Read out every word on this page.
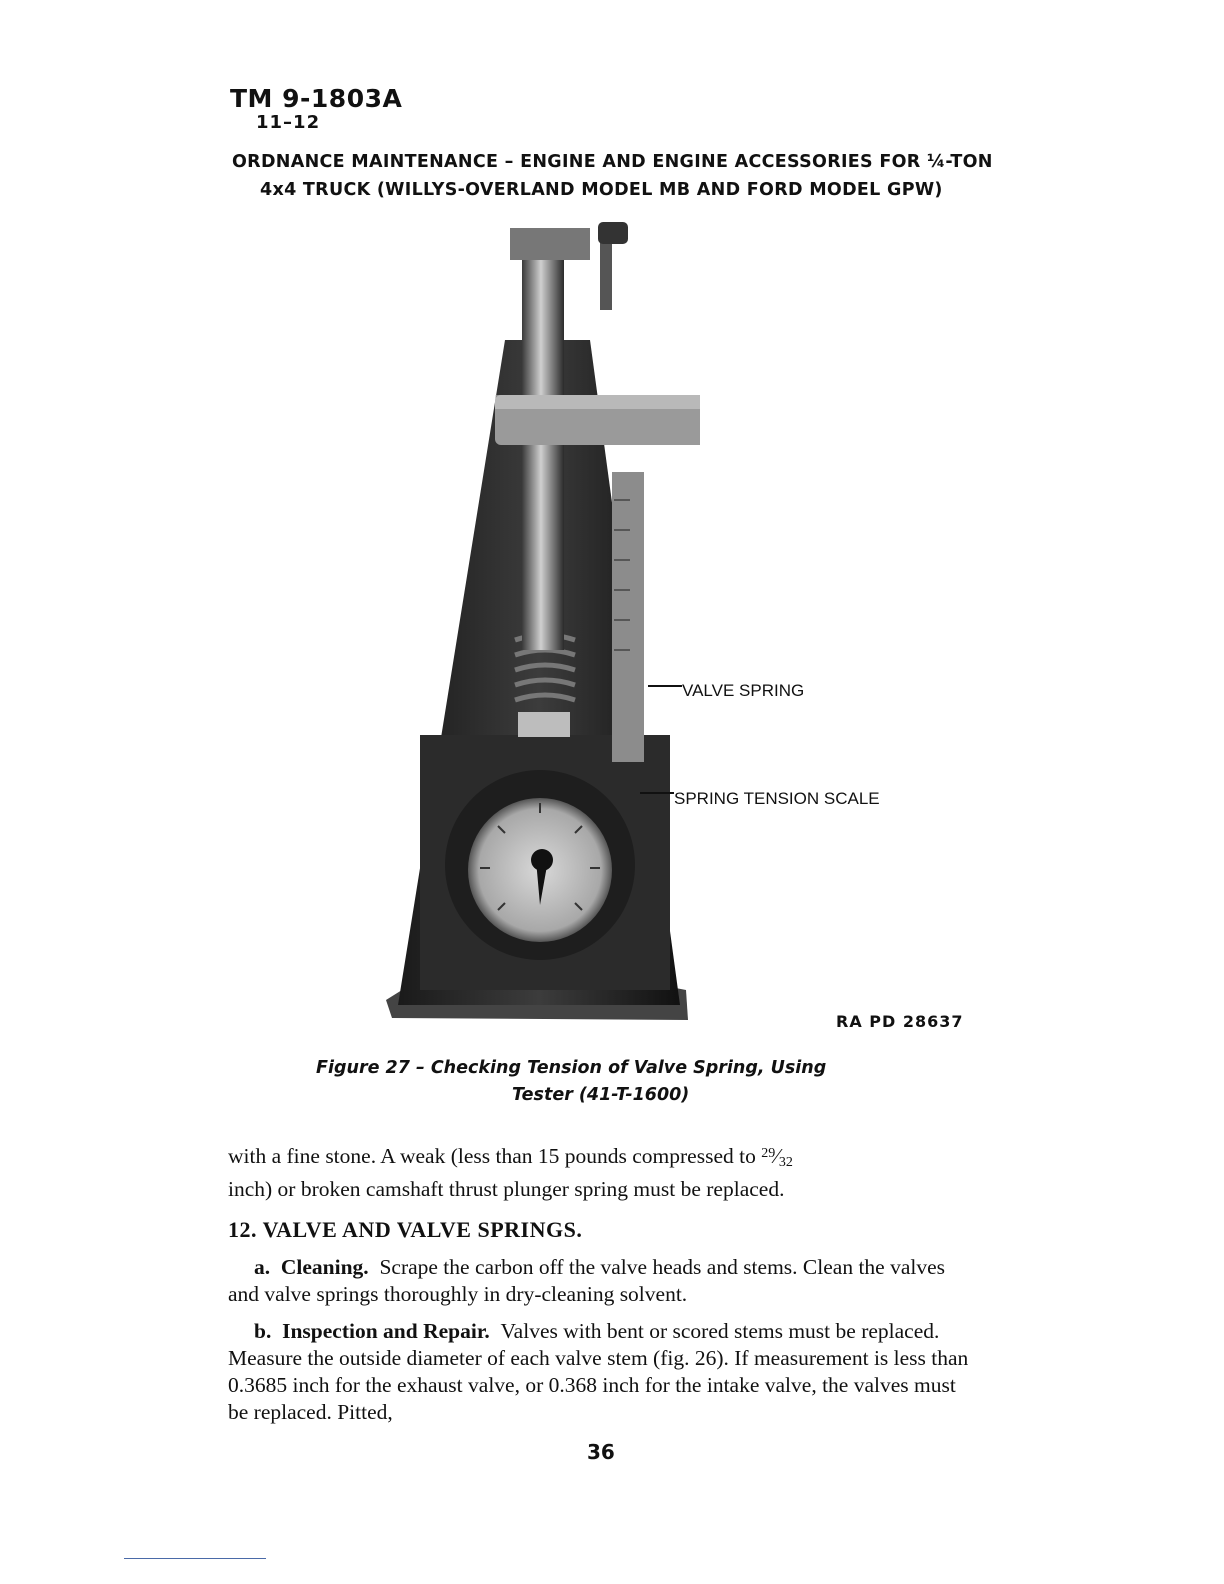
TM 9-1803A
11–12
ORDNANCE MAINTENANCE – ENGINE AND ENGINE ACCESSORIES FOR ¼-TON
4x4 TRUCK (WILLYS-OVERLAND MODEL MB AND FORD MODEL GPW)
VALVE SPRING
SPRING TENSION SCALE
RA PD 28637
Figure 27 – Checking Tension of Valve Spring, Using
Tester (41-T-1600)
with a fine stone. A weak (less than 15 pounds compressed to $^{29}⁄_{32}$
inch) or broken camshaft thrust plunger spring must be replaced.
12. VALVE AND VALVE SPRINGS.
a. Cleaning. Scrape the carbon off the valve heads and stems. Clean the valves and valve springs thoroughly in dry-cleaning solvent.
b. Inspection and Repair. Valves with bent or scored stems must be replaced. Measure the outside diameter of each valve stem (fig. 26). If measurement is less than 0.3685 inch for the exhaust valve, or 0.368 inch for the intake valve, the valves must be replaced. Pitted,
36
